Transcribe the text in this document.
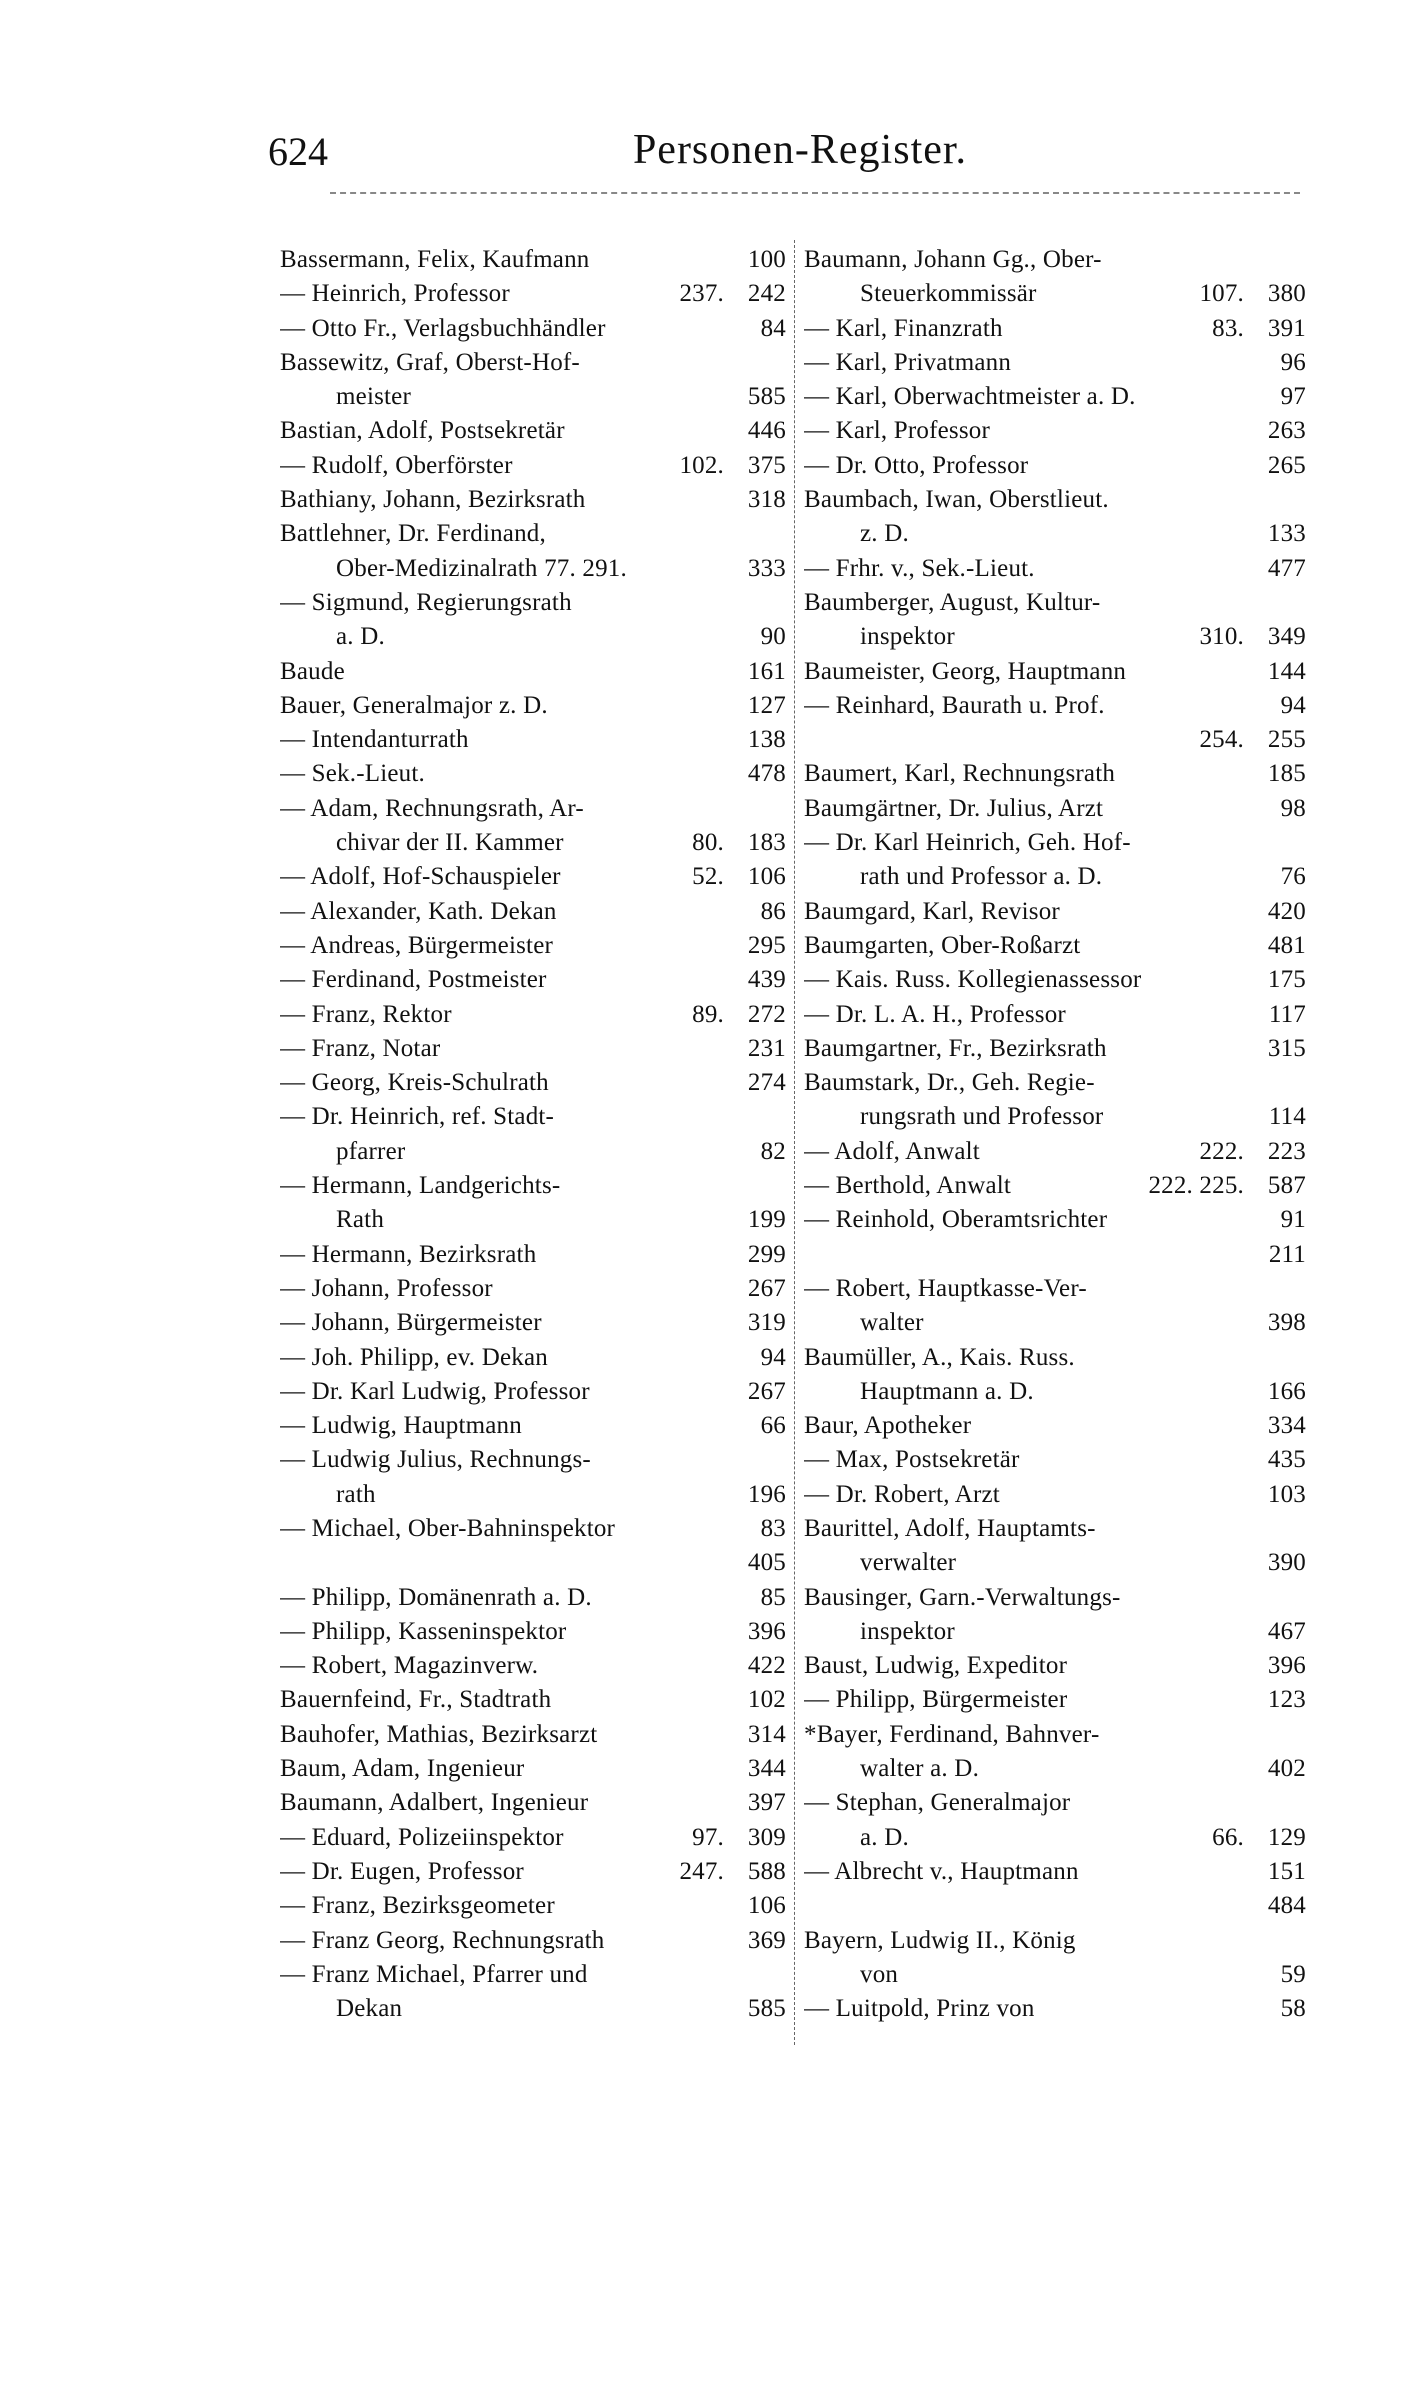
624	Personen-Register.
Bassermann, Felix, Kaufmann	100
— Heinrich, Professor	237. 242
— Otto Fr., Verlagsbuchhändler	84
Bassewitz, Graf, Oberst-Hof-
meister	585
Bastian, Adolf, Postsekretär	446
— Rudolf, Oberförster	102. 375
Bathiany, Johann, Bezirksrath	318
Battlehner, Dr. Ferdinand,
Ober-Medizinalrath 77. 291.	333
— Sigmund, Regierungsrath
a. D.	90
Baude	161
Bauer, Generalmajor z. D.	127
— Intendanturrath	138
— Sek.-Lieut.	478
— Adam, Rechnungsrath, Ar-
chivar der II. Kammer	80. 183
— Adolf, Hof-Schauspieler	52. 106
— Alexander, Kath. Dekan	86
— Andreas, Bürgermeister	295
— Ferdinand, Postmeister	439
— Franz, Rektor	89. 272
— Franz, Notar	231
— Georg, Kreis-Schulrath	274
— Dr. Heinrich, ref. Stadt-
pfarrer	82
— Hermann, Landgerichts-
Rath	199
— Hermann, Bezirksrath	299
— Johann, Professor	267
— Johann, Bürgermeister	319
— Joh. Philipp, ev. Dekan	94
— Dr. Karl Ludwig, Professor	267
— Ludwig, Hauptmann	66
— Ludwig Julius, Rechnungs-
rath	196
— Michael, Ober-Bahninspektor	83
405
— Philipp, Domänenrath a. D.	85
— Philipp, Kasseninspektor	396
— Robert, Magazinverw.	422
Bauernfeind, Fr., Stadtrath	102
Bauhofer, Mathias, Bezirksarzt	314
Baum, Adam, Ingenieur	344
Baumann, Adalbert, Ingenieur	397
— Eduard, Polizeiinspektor	97. 309
— Dr. Eugen, Professor	247. 588
— Franz, Bezirksgeometer	106
— Franz Georg, Rechnungsrath	369
— Franz Michael, Pfarrer und
Dekan	585
Baumann, Johann Gg., Ober-
Steuerkommissär	107. 380
— Karl, Finanzrath	83. 391
— Karl, Privatmann	96
— Karl, Oberwachtmeister a. D.	97
— Karl, Professor	263
— Dr. Otto, Professor	265
Baumbach, Iwan, Oberstlieut.
z. D.	133
— Frhr. v., Sek.-Lieut.	477
Baumberger, August, Kultur-
inspektor	310. 349
Baumeister, Georg, Hauptmann	144
— Reinhard, Baurath u. Prof.	94
254. 255
Baumert, Karl, Rechnungsrath	185
Baumgärtner, Dr. Julius, Arzt	98
— Dr. Karl Heinrich, Geh. Hof-
rath und Professor a. D.	76
Baumgard, Karl, Revisor	420
Baumgarten, Ober-Roßarzt	481
— Kais. Russ. Kollegienassessor	175
— Dr. L. A. H., Professor	117
Baumgartner, Fr., Bezirksrath	315
Baumstark, Dr., Geh. Regie-
rungsrath und Professor	114
— Adolf, Anwalt	222. 223
— Berthold, Anwalt	222. 225. 587
— Reinhold, Oberamtsrichter	91
211
— Robert, Hauptkasse-Ver-
walter	398
Baumüller, A., Kais. Russ.
Hauptmann a. D.	166
Baur, Apotheker	334
— Max, Postsekretär	435
— Dr. Robert, Arzt	103
Baurittel, Adolf, Hauptamts-
verwalter	390
Bausinger, Garn.-Verwaltungs-
inspektor	467
Baust, Ludwig, Expeditor	396
— Philipp, Bürgermeister	123
*Bayer, Ferdinand, Bahnver-
walter a. D.	402
— Stephan, Generalmajor
a. D.	66. 129
— Albrecht v., Hauptmann	151
484
Bayern, Ludwig II., König
von	59
— Luitpold, Prinz von	58
